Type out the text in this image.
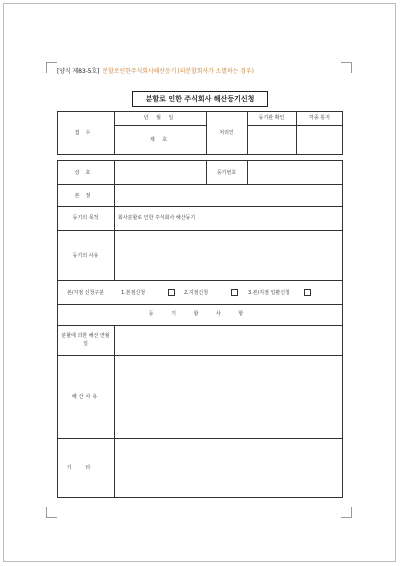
[양식 제83-5호] 분할로인한주식회사해산등기(피분할회사가 소멸하는 경우)
분할로 인한 주식회사 해산등기신청
접수
년 월 일
제 호
처리인
등기관 확인	각종 통지
상호	등기번호
본점
등기의 목적	회사분할로 인한 주식회사 해산등기
등기의 사유
본/지점 신청구분	1.본점신청	2.지점신청	3.본/지점 일괄신청
등 기 할 사 항
분할에 의한 해산 연월일
해산사유
기타
